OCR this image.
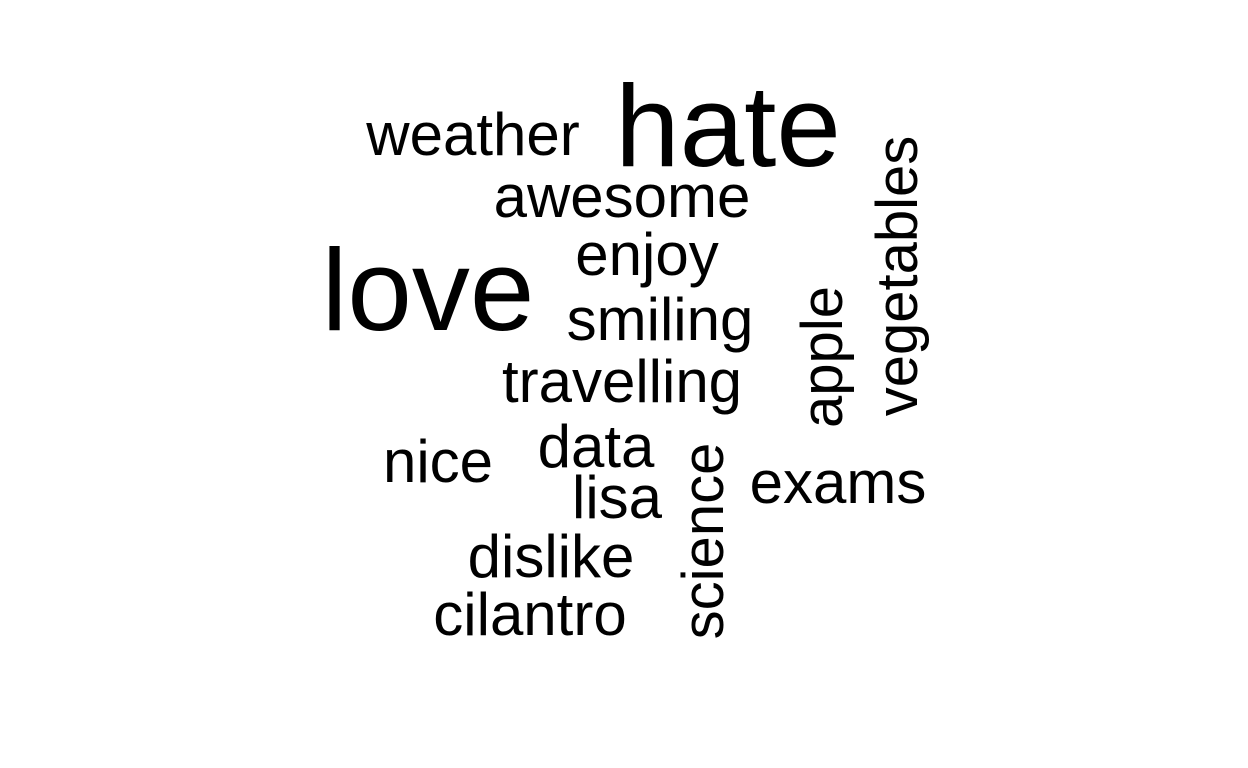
hate
love	vegetables
weather
awesome
smiling
travelling
enjoy
apple
exams
science
data
nice
lisa
dislike
cilantro
